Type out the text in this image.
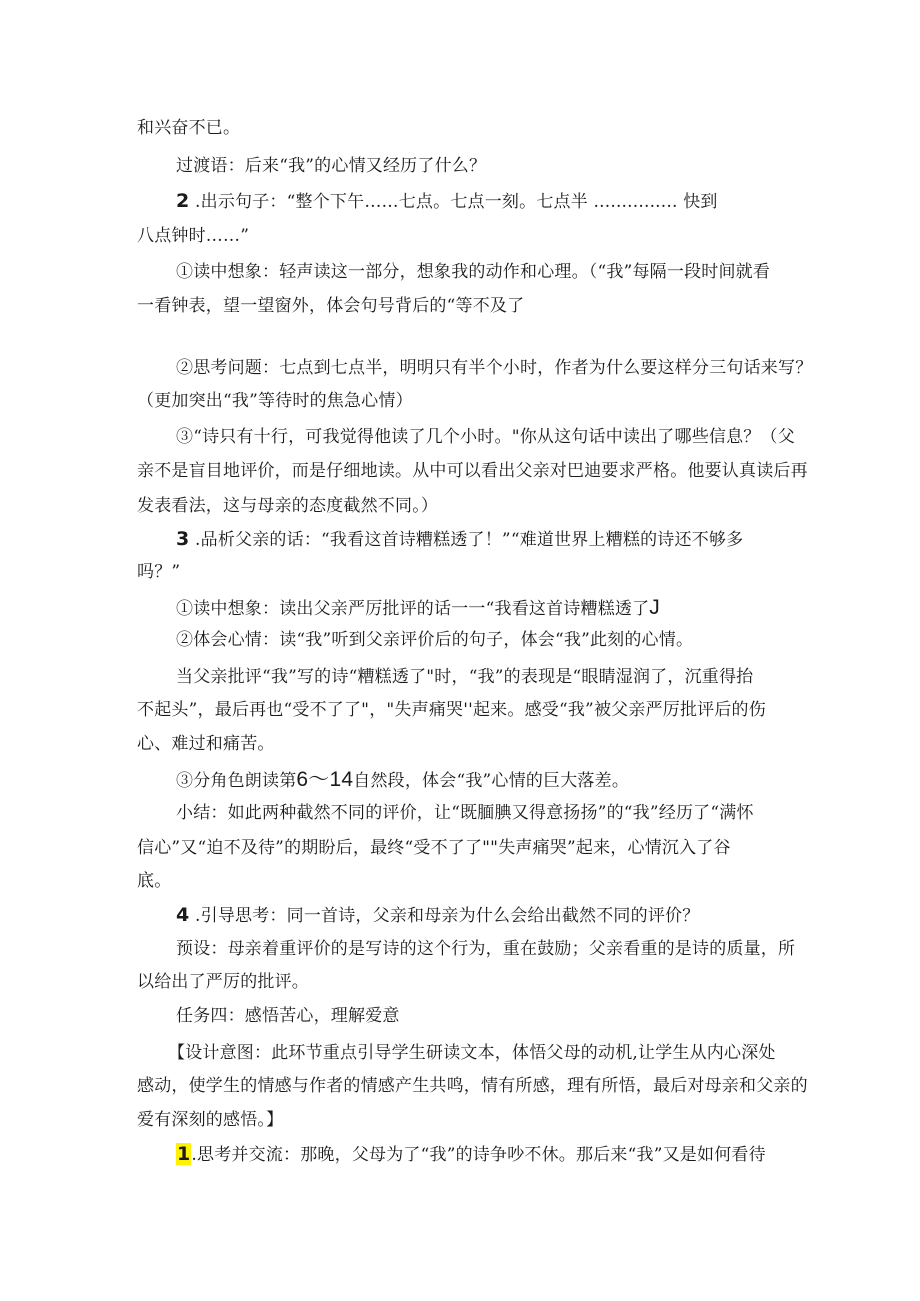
和兴奋不已。
过渡语：后来“我”的心情又经历了什么？
2 .出示句子：“整个下午……七点。七点一刻。七点半 ............... 快到
八点钟时……”
①读中想象：轻声读这一部分，想象我的动作和心理。（“我”每隔一段时间就看
一看钟表，望一望窗外，体会句号背后的“等不及了
②思考问题：七点到七点半，明明只有半个小时，作者为什么要这样分三句话来写？
（更加突出“我”等待时的焦急心情）
③“诗只有十行，可我觉得他读了几个小时。"你从这句话中读出了哪些信息？（父
亲不是盲目地评价，而是仔细地读。从中可以看出父亲对巴迪要求严格。他要认真读后再
发表看法，这与母亲的态度截然不同。）
3 .品析父亲的话：“我看这首诗糟糕透了！”“难道世界上糟糕的诗还不够多
吗？”
①读中想象：读出父亲严厉批评的话一一“我看这首诗糟糕透了J
②体会心情：读“我”听到父亲评价后的句子，体会“我”此刻的心情。
当父亲批评“我”写的诗“糟糕透了"时，“我”的表现是“眼睛湿润了，沉重得抬
不起头”，最后再也“受不了了"，"失声痛哭''起来。感受“我”被父亲严厉批评后的伤
心、难过和痛苦。
③分角色朗读第6～14自然段，体会“我”心情的巨大落差。
小结：如此两种截然不同的评价，让“既腼腆又得意扬扬”的“我”经历了“满怀
信心”又“迫不及待”的期盼后，最终“受不了了""失声痛哭”起来，心情沉入了谷
底。
4 .引导思考：同一首诗，父亲和母亲为什么会给出截然不同的评价？
预设：母亲着重评价的是写诗的这个行为，重在鼓励；父亲看重的是诗的质量，所
以给出了严厉的批评。
任务四：感悟苦心，理解爱意
【设计意图：此环节重点引导学生研读文本，体悟父母的动机,让学生从内心深处
感动，使学生的情感与作者的情感产生共鸣，情有所感，理有所悟，最后对母亲和父亲的
爱有深刻的感悟。】
1.思考并交流：那晚，父母为了“我”的诗争吵不休。那后来“我”又是如何看待
